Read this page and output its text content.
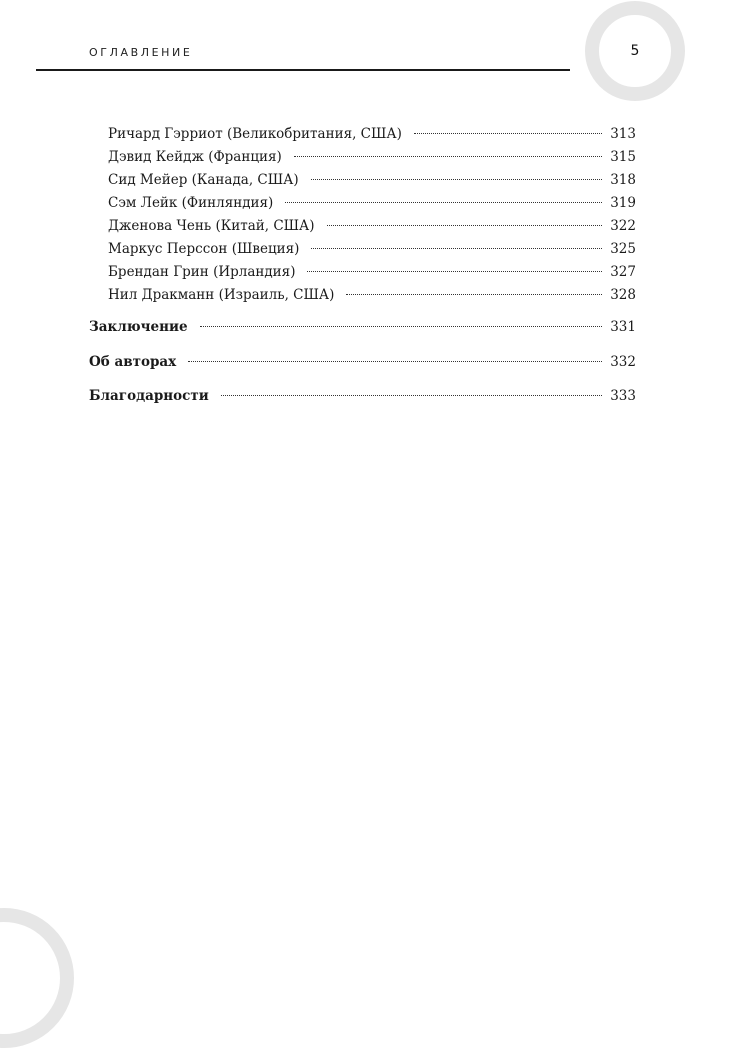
ОГЛАВЛЕНИЕ	5
Ричард Гэрриот (Великобритания, США)	313
Дэвид Кейдж (Франция)	315
Сид Мейер (Канада, США)	318
Сэм Лейк (Финляндия)	319
Дженова Чень (Китай, США)	322
Маркус Перссон (Швеция)	325
Брендан Грин (Ирландия)	327
Нил Дракманн (Израиль, США)	328
Заключение	331
Об авторах	332
Благодарности	333
